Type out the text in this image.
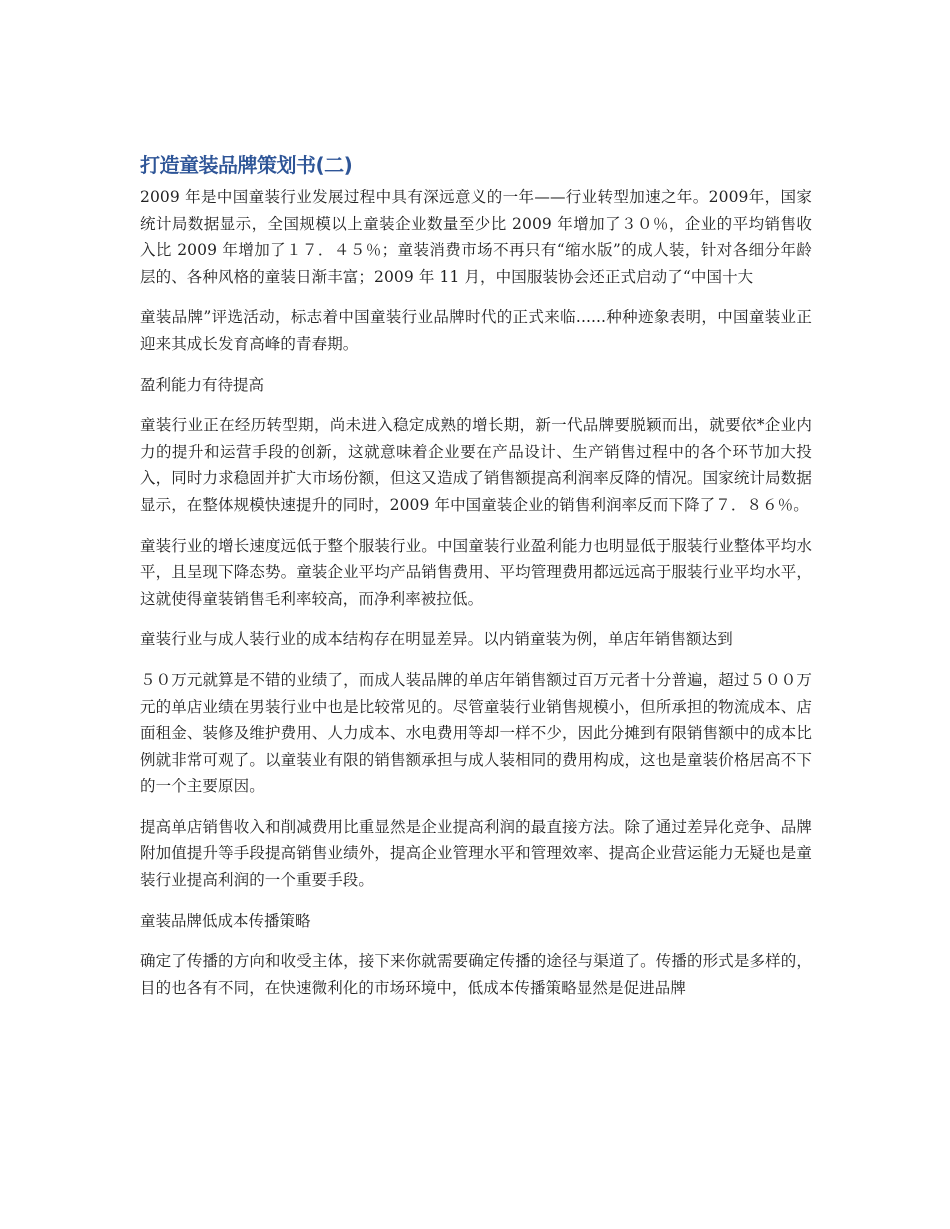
打造童装品牌策划书(二)

2009 年是中国童装行业发展过程中具有深远意义的一年——行业转型加速之年。2009年，国家统计局数据显示，全国规模以上童装企业数量至少比 2009 年增加了３０％，企业的平均销售收入比 2009 年增加了１７．４５％；童装消费市场不再只有“缩水版”的成人装，针对各细分年龄层的、各种风格的童装日渐丰富；2009 年 11 月，中国服装协会还正式启动了“中国十大

童装品牌”评选活动，标志着中国童装行业品牌时代的正式来临......种种迹象表明，中国童装业正迎来其成长发育高峰的青春期。

盈利能力有待提高

童装行业正在经历转型期，尚未进入稳定成熟的增长期，新一代品牌要脱颖而出，就要依*企业内力的提升和运营手段的创新，这就意味着企业要在产品设计、生产销售过程中的各个环节加大投入，同时力求稳固并扩大市场份额，但这又造成了销售额提高利润率反降的情况。国家统计局数据显示，在整体规模快速提升的同时，2009 年中国童装企业的销售利润率反而下降了７．８６％。

童装行业的增长速度远低于整个服装行业。中国童装行业盈利能力也明显低于服装行业整体平均水平，且呈现下降态势。童装企业平均产品销售费用、平均管理费用都远远高于服装行业平均水平，这就使得童装销售毛利率较高，而净利率被拉低。

童装行业与成人装行业的成本结构存在明显差异。以内销童装为例，单店年销售额达到

５０万元就算是不错的业绩了，而成人装品牌的单店年销售额过百万元者十分普遍，超过５００万元的单店业绩在男装行业中也是比较常见的。尽管童装行业销售规模小，但所承担的物流成本、店面租金、装修及维护费用、人力成本、水电费用等却一样不少，因此分摊到有限销售额中的成本比例就非常可观了。以童装业有限的销售额承担与成人装相同的费用构成，这也是童装价格居高不下的一个主要原因。

提高单店销售收入和削减费用比重显然是企业提高利润的最直接方法。除了通过差异化竞争、品牌附加值提升等手段提高销售业绩外，提高企业管理水平和管理效率、提高企业营运能力无疑也是童装行业提高利润的一个重要手段。

童装品牌低成本传播策略

确定了传播的方向和收受主体，接下来你就需要确定传播的途径与渠道了。传播的形式是多样的，目的也各有不同，在快速微利化的市场环境中，低成本传播策略显然是促进品牌
